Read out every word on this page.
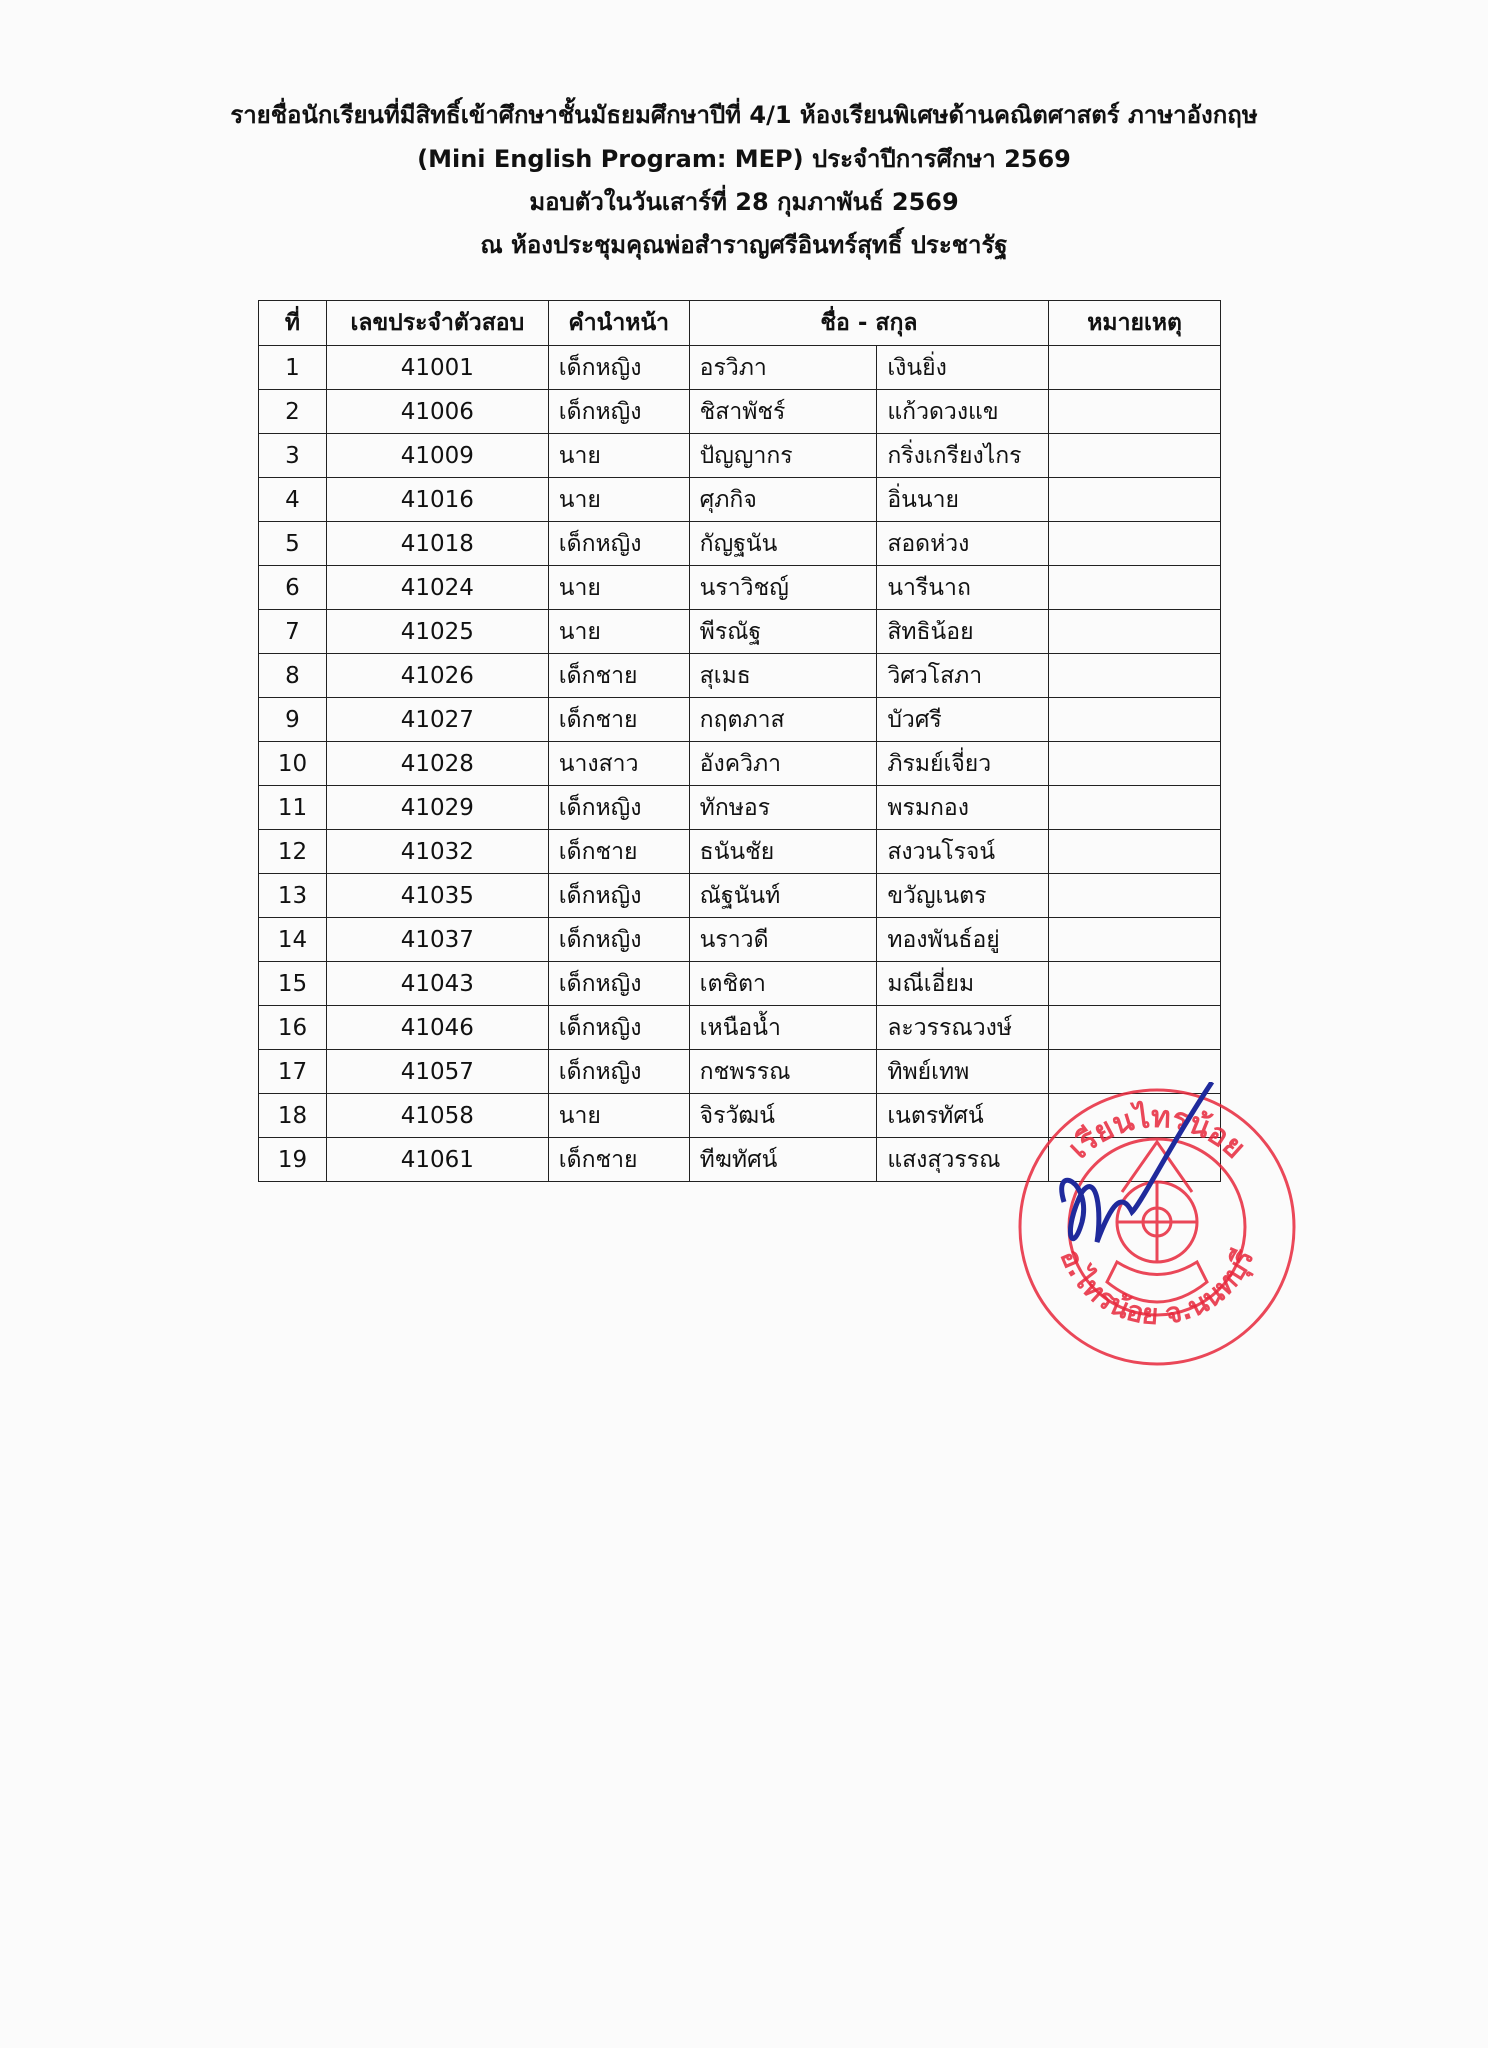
รายชื่อนักเรียนที่มีสิทธิ์เข้าศึกษาชั้นมัธยมศึกษาปีที่ 4/1 ห้องเรียนพิเศษด้านคณิตศาสตร์ ภาษาอังกฤษ
(Mini English Program: MEP) ประจำปีการศึกษา 2569
มอบตัวในวันเสาร์ที่ 28 กุมภาพันธ์ 2569
ณ ห้องประชุมคุณพ่อสำราญศรีอินทร์สุทธิ์ ประชารัฐ
ที่	เลขประจำตัวสอบ	คำนำหน้า	ชื่อ - สกุล		หมายเหตุ
1	41001	เด็กหญิง	อรวิภา	เงินยิ่ง	
2	41006	เด็กหญิง	ชิสาพัชร์	แก้วดวงแข	
3	41009	นาย	ปัญญากร	กริ่งเกรียงไกร	
4	41016	นาย	ศุภกิจ	อิ่นนาย	
5	41018	เด็กหญิง	กัญฐนัน	สอดห่วง	
6	41024	นาย	นราวิชญ์	นารีนาถ	
7	41025	นาย	พีรณัฐ	สิทธิน้อย	
8	41026	เด็กชาย	สุเมธ	วิศวโสภา	
9	41027	เด็กชาย	กฤตภาส	บัวศรี	
10	41028	นางสาว	อังควิภา	ภิรมย์เจี่ยว	
11	41029	เด็กหญิง	ทักษอร	พรมกอง	
12	41032	เด็กชาย	ธนันชัย	สงวนโรจน์	
13	41035	เด็กหญิง	ณัฐนันท์	ขวัญเนตร	
14	41037	เด็กหญิง	นราวดี	ทองพันธ์อยู่	
15	41043	เด็กหญิง	เตชิตา	มณีเอี่ยม	
16	41046	เด็กหญิง	เหนือน้ำ	ละวรรณวงษ์	
17	41057	เด็กหญิง	กชพรรณ	ทิพย์เทพ	
18	41058	นาย	จิรวัฒน์	เนตรทัศน์	
19	41061	เด็กชาย	ทีฆทัศน์	แสงสุวรรณ	เรียนไทรน้อย
อ.ไทรน้อย จ.นนทบุรี
